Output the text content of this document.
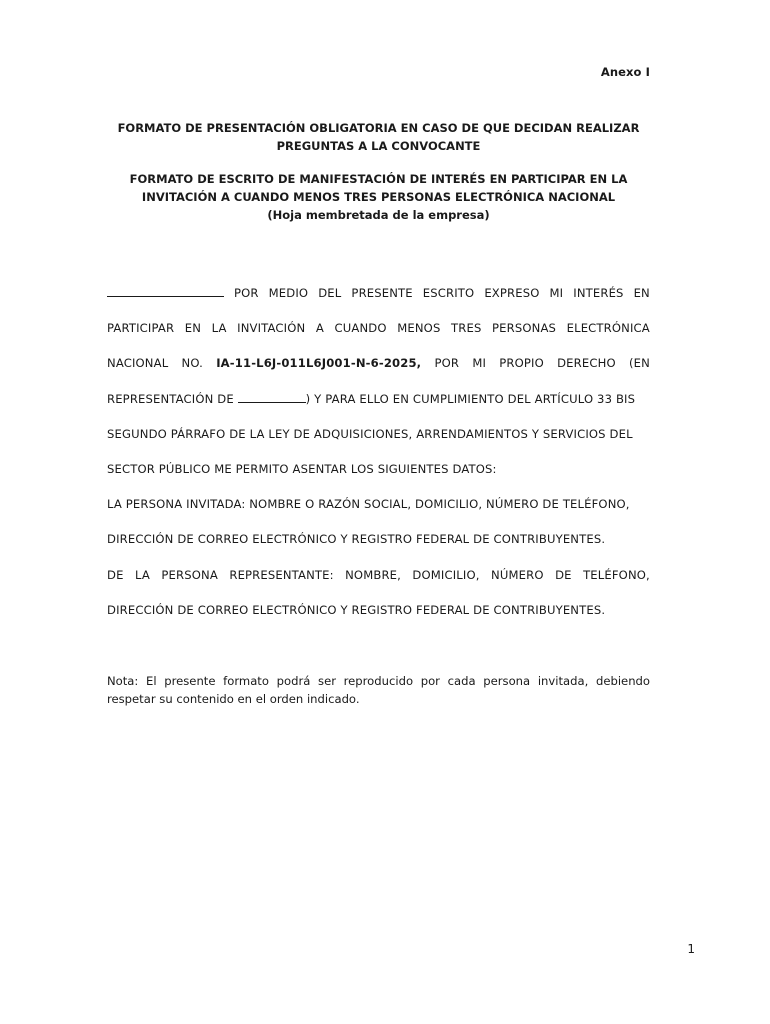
Anexo I
FORMATO DE PRESENTACIÓN OBLIGATORIA EN CASO DE QUE DECIDAN REALIZAR
PREGUNTAS A LA CONVOCANTE
FORMATO DE ESCRITO DE MANIFESTACIÓN DE INTERÉS EN PARTICIPAR EN LA
INVITACIÓN A CUANDO MENOS TRES PERSONAS ELECTRÓNICA NACIONAL
(Hoja membretada de la empresa)
POR MEDIO DEL PRESENTE ESCRITO EXPRESO MI INTERÉS EN
PARTICIPAR EN LA INVITACIÓN A CUANDO MENOS TRES PERSONAS ELECTRÓNICA
NACIONAL NO. IA-11-L6J-011L6J001-N-6-2025, POR MI PROPIO DERECHO (EN
REPRESENTACIÓN DE	) Y PARA ELLO EN CUMPLIMIENTO DEL ARTÍCULO 33 BIS
SEGUNDO PÁRRAFO DE LA LEY DE ADQUISICIONES, ARRENDAMIENTOS Y SERVICIOS DEL
SECTOR PÚBLICO ME PERMITO ASENTAR LOS SIGUIENTES DATOS:
LA PERSONA INVITADA: NOMBRE O RAZÓN SOCIAL, DOMICILIO, NÚMERO DE TELÉFONO,
DIRECCIÓN DE CORREO ELECTRÓNICO Y REGISTRO FEDERAL DE CONTRIBUYENTES.
DE LA PERSONA REPRESENTANTE: NOMBRE, DOMICILIO, NÚMERO DE TELÉFONO,
DIRECCIÓN DE CORREO ELECTRÓNICO Y REGISTRO FEDERAL DE CONTRIBUYENTES.
Nota: El presente formato podrá ser reproducido por cada persona invitada, debiendo respetar su contenido en el orden indicado.
1
